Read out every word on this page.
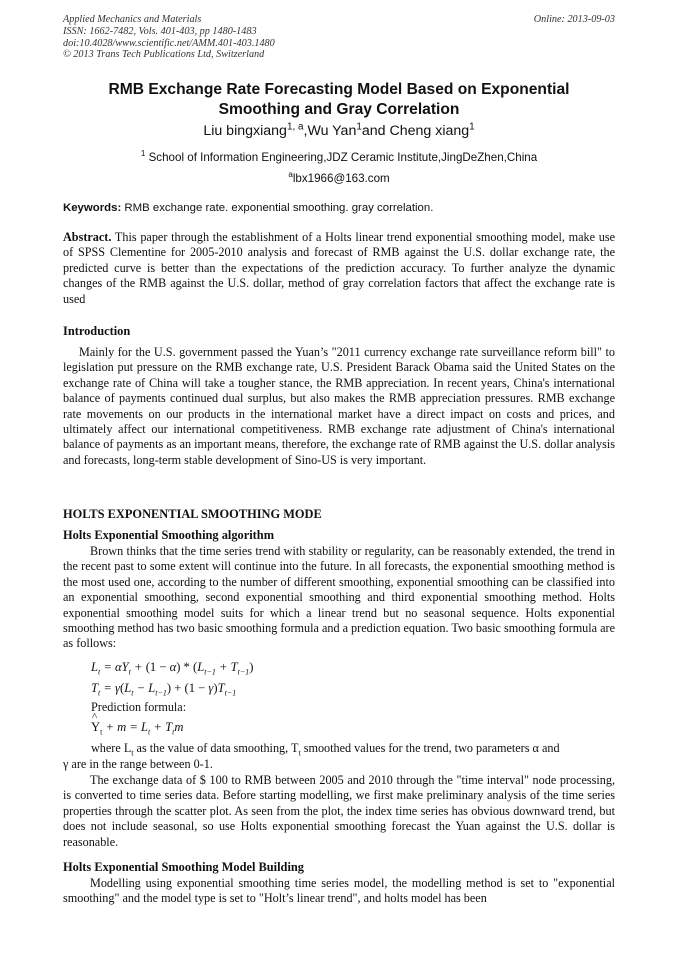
Applied Mechanics and Materials	Online: 2013-09-03
ISSN: 1662-7482, Vols. 401-403, pp 1480-1483
doi:10.4028/www.scientific.net/AMM.401-403.1480
© 2013 Trans Tech Publications Ltd, Switzerland
RMB Exchange Rate Forecasting Model Based on Exponential
Smoothing and Gray Correlation
Liu bingxiang$^{1, a}$,Wu Yan$^1$and Cheng xiang$^1$
$^1$ School of Information Engineering,JDZ Ceramic Institute,JingDeZhen,China
$^a$lbx1966@163.com
Keywords: RMB exchange rate. exponential smoothing. gray correlation.
Abstract. This paper through the establishment of a Holts linear trend exponential smoothing model, make use of SPSS Clementine for 2005-2010 analysis and forecast of RMB against the U.S. dollar exchange rate, the predicted curve is better than the expectations of the prediction accuracy. To further analyze the dynamic changes of the RMB against the U.S. dollar, method of gray correlation factors that affect the exchange rate is used
Introduction
Mainly for the U.S. government passed the Yuan’s "2011 currency exchange rate surveillance reform bill" to legislation put pressure on the RMB exchange rate, U.S. President Barack Obama said the United States on the exchange rate of China will take a tougher stance, the RMB appreciation. In recent years, China's international balance of payments continued dual surplus, but also makes the RMB appreciation pressures. RMB exchange rate movements on our products in the international market have a direct impact on costs and prices, and ultimately affect our international competitiveness. RMB exchange rate adjustment of China's international balance of payments as an important means, therefore, the exchange rate of RMB against the U.S. dollar analysis and forecasts, long-term stable development of Sino-US is very important.
HOLTS EXPONENTIAL SMOOTHING MODE
Holts Exponential Smoothing algorithm
Brown thinks that the time series trend with stability or regularity, can be reasonably extended, the trend in the recent past to some extent will continue into the future. In all forecasts, the exponential smoothing method is the most used one, according to the number of different smoothing, exponential smoothing can be classified into an exponential smoothing, second exponential smoothing and third exponential smoothing method. Holts exponential smoothing model suits for which a linear trend but no seasonal sequence. Holts exponential smoothing method has two basic smoothing formula and a prediction equation. Two basic smoothing formula are as follows:
$L_t = \alpha Y_t + (1 - \alpha) * (L_{t-1} + T_{t-1})$
$T_t = \gamma(L_t - L_{t-1}) + (1 - \gamma)T_{t-1}$
Prediction formula:
^ $Y_t + m = L_t + T_tm$
where $L_t$ as the value of data smoothing, $T_t$ smoothed values for the trend, two parameters α and
γ are in the range between 0-1.
The exchange data of $ 100 to RMB between 2005 and 2010 through the "time interval" node processing, is converted to time series data. Before starting modelling, we first make preliminary analysis of the time series properties through the scatter plot. As seen from the plot, the index time series has obvious downward trend, but does not include seasonal, so use Holts exponential smoothing forecast the Yuan against the U.S. dollar is reasonable.
Holts Exponential Smoothing Model Building
Modelling using exponential smoothing time series model, the modelling method is set to "exponential smoothing" and the model type is set to "Holt’s linear trend", and holts model has been
